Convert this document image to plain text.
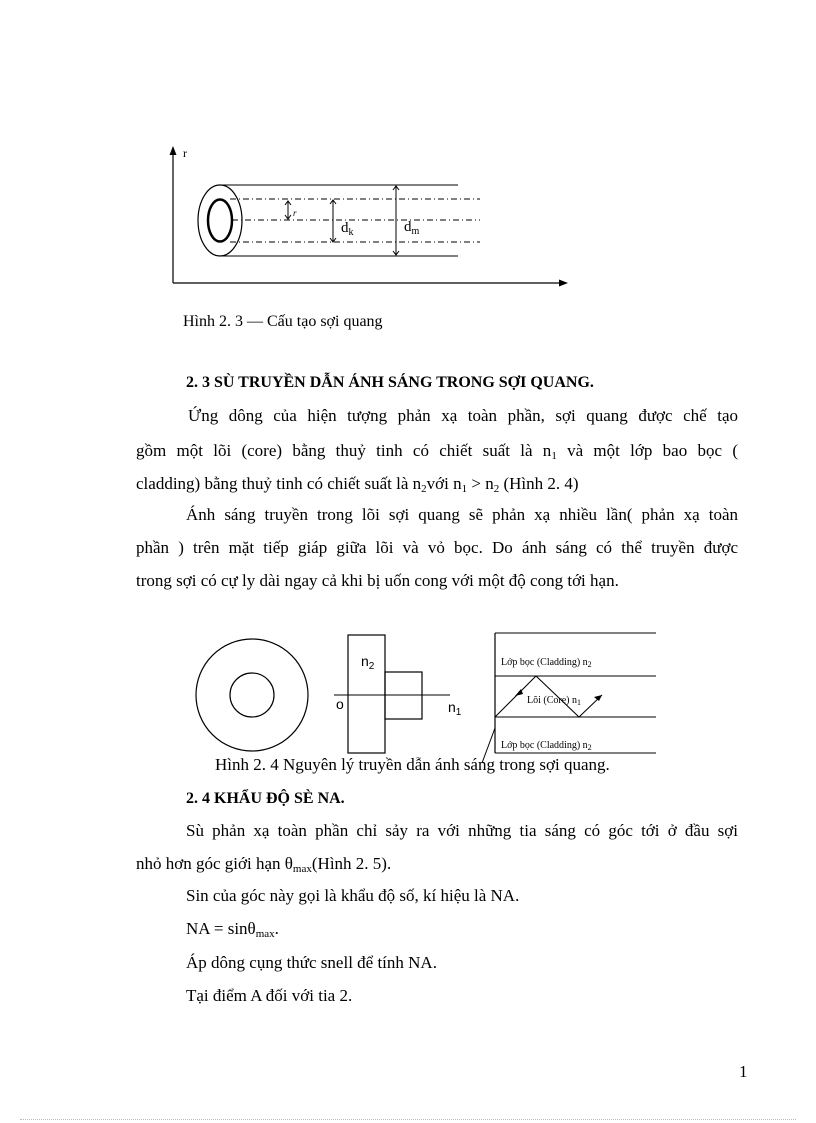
r
r
$d_k$	$d_m$
Hình 2. 3 — Cấu tạo sợi quang
2. 3 SÙ TRUYỀN DẪN ÁNH SÁNG TRONG SỢI QUANG.
Ứng dông của hiện tượng phản xạ toàn phần, sợi quang được chế tạo
gồm một lõi (core) bằng thuỷ tinh có chiết suất là $n_1$ và một lớp bao bọc (
cladding) bằng thuỷ tinh có chiết suất là $n_2với$ $n_1 > n_2$ (Hình 2. 4)
Ánh sáng truyền trong lõi sợi quang sẽ phản xạ nhiều lần( phản xạ toàn
phần ) trên mặt tiếp giáp giữa lõi và vỏ bọc. Do ánh sáng có thể truyền được
trong sợi có cự ly dài ngay cả khi bị uốn cong với một độ cong tới hạn.
$n_2$
o	$n_1$
Lớp bọc (Cladding) $n_2$
Lõi (Core) $n_1$
Lớp bọc (Cladding) $n_2$
Hình 2. 4 Nguyên lý truyền dẫn ánh sáng trong sợi quang.
2. 4 KHẨU ĐỘ SÈ NA.
Sù phản xạ toàn phần chỉ sảy ra với những tia sáng có góc tới ở đầu sợi
nhỏ hơn góc giới hạn $\theta_{max}(Hình$ 2. 5).
Sin của góc này gọi là khẩu độ số, kí hiệu là NA.
NA = sinθ$_{max}$.
Áp dông cụng thức snell để tính NA.
Tại điểm A đối với tia 2.
1
